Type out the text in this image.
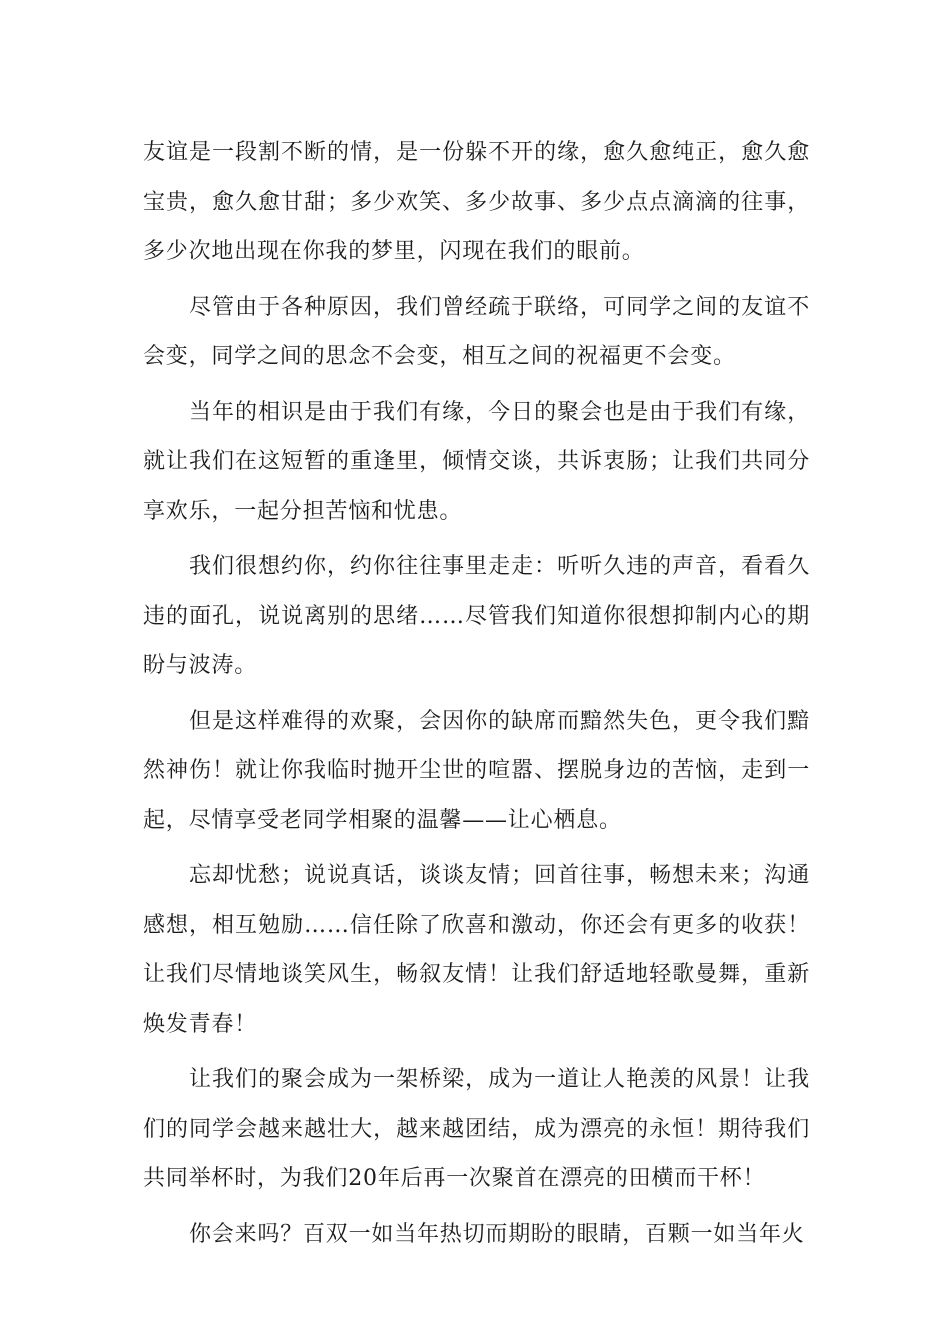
友谊是一段割不断的情，是一份躲不开的缘，愈久愈纯正，愈久愈宝贵，愈久愈甘甜；多少欢笑、多少故事、多少点点滴滴的往事，多少次地出现在你我的梦里，闪现在我们的眼前。

尽管由于各种原因，我们曾经疏于联络，可同学之间的友谊不会变，同学之间的思念不会变，相互之间的祝福更不会变。

当年的相识是由于我们有缘，今日的聚会也是由于我们有缘，就让我们在这短暂的重逢里，倾情交谈，共诉衷肠；让我们共同分享欢乐，一起分担苦恼和忧患。

我们很想约你，约你往往事里走走：听听久违的声音，看看久违的面孔，说说离别的思绪……尽管我们知道你很想抑制内心的期盼与波涛。

但是这样难得的欢聚，会因你的缺席而黯然失色，更令我们黯然神伤！就让你我临时抛开尘世的喧嚣、摆脱身边的苦恼，走到一起，尽情享受老同学相聚的温馨——让心栖息。

忘却忧愁；说说真话，谈谈友情；回首往事，畅想未来；沟通感想，相互勉励……信任除了欣喜和激动，你还会有更多的收获！让我们尽情地谈笑风生，畅叙友情！让我们舒适地轻歌曼舞，重新焕发青春！

让我们的聚会成为一架桥梁，成为一道让人艳羡的风景！让我们的同学会越来越壮大，越来越团结，成为漂亮的永恒！期待我们共同举杯时，为我们20年后再一次聚首在漂亮的田横而干杯！

你会来吗？百双一如当年热切而期盼的眼睛，百颗一如当年火
